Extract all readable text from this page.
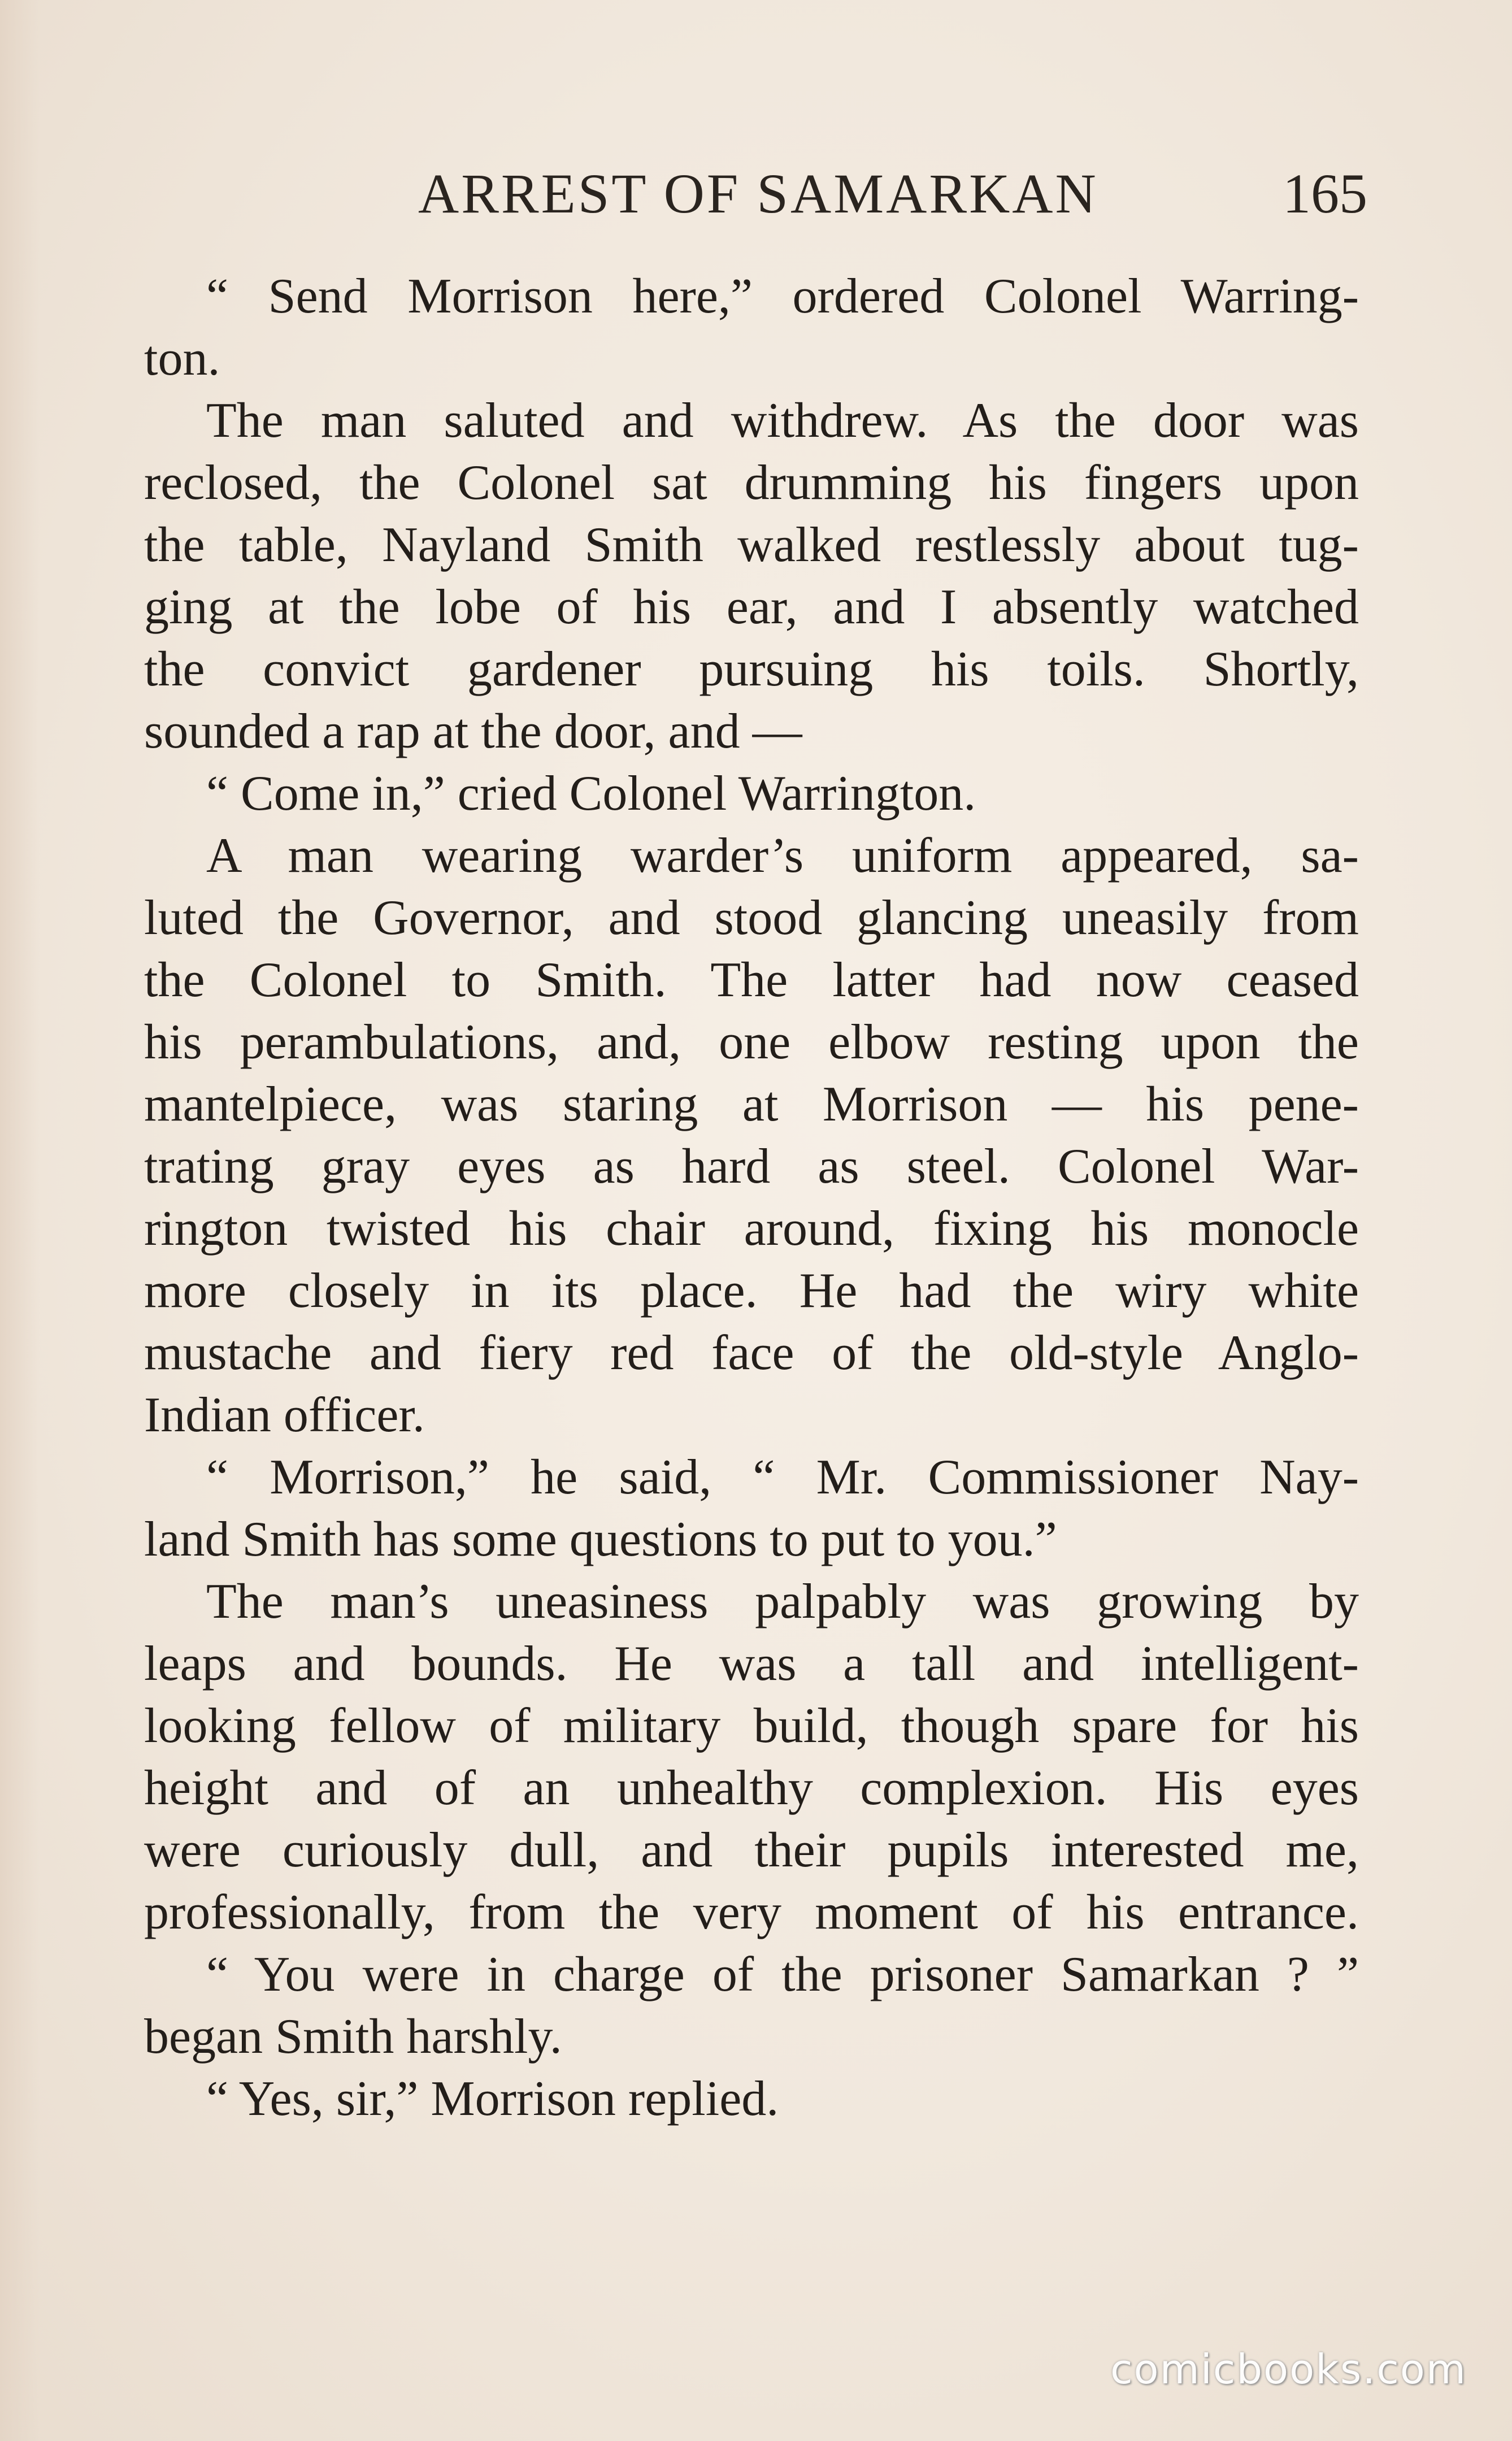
ARREST OF SAMARKAN	165
“ Send Morrison here,” ordered Colonel Warring-
ton.
The man saluted and withdrew. As the door was
reclosed, the Colonel sat drumming his fingers upon
the table, Nayland Smith walked restlessly about tug-
ging at the lobe of his ear, and I absently watched
the convict gardener pursuing his toils. Shortly,
sounded a rap at the door, and —
“ Come in,” cried Colonel Warrington.
A man wearing warder’s uniform appeared, sa-
luted the Governor, and stood glancing uneasily from
the Colonel to Smith. The latter had now ceased
his perambulations, and, one elbow resting upon the
mantelpiece, was staring at Morrison — his pene-
trating gray eyes as hard as steel. Colonel War-
rington twisted his chair around, fixing his monocle
more closely in its place. He had the wiry white
mustache and fiery red face of the old-style Anglo-
Indian officer.
“ Morrison,” he said, “ Mr. Commissioner Nay-
land Smith has some questions to put to you.”
The man’s uneasiness palpably was growing by
leaps and bounds. He was a tall and intelligent-
looking fellow of military build, though spare for his
height and of an unhealthy complexion. His eyes
were curiously dull, and their pupils interested me,
professionally, from the very moment of his entrance.
“ You were in charge of the prisoner Samarkan ? ”
began Smith harshly.
“ Yes, sir,” Morrison replied.
comicbooks.com
